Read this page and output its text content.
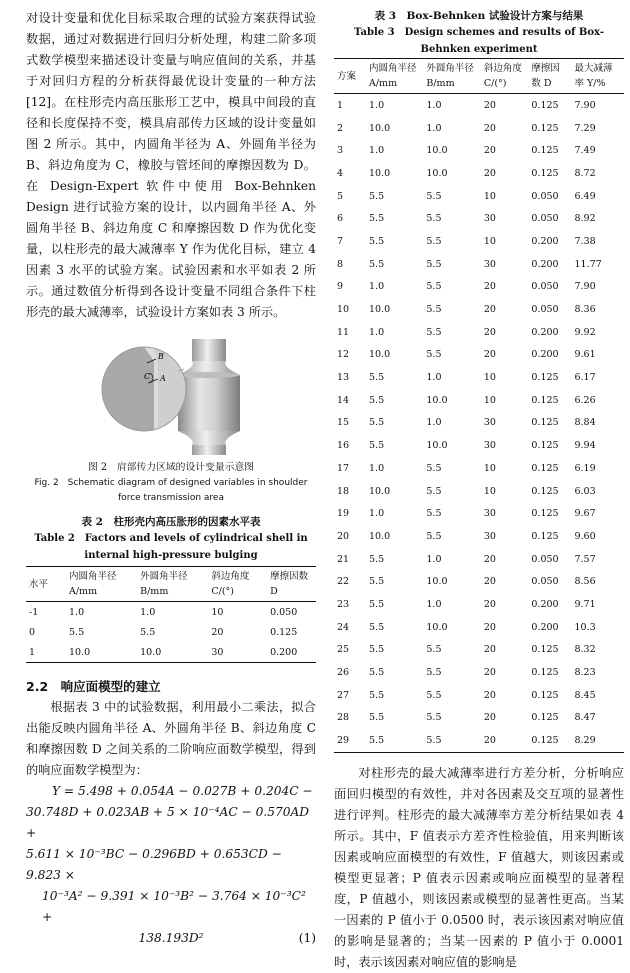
对设计变量和优化目标采取合理的试验方案获得试验数据，通过对数据进行回归分析处理，构建二阶多项式数学模型来描述设计变量与响应值间的关系，并基于对回归方程的分析获得最优设计变量的一种方法[12]。在柱形壳内高压胀形工艺中，模具中间段的直径和长度保持不变，模具肩部传力区域的设计变量如图 2 所示。其中，内圆角半径为 A、外圆角半径为 B、斜边角度为 C，橡胶与管坯间的摩擦因数为 D。在 Design-Expert 软件中使用 Box-Behnken Design 进行试验方案的设计，以内圆角半径 A、外圆角半径 B、斜边角度 C 和摩擦因数 D 作为优化变量，以柱形壳的最大减薄率 Y 作为优化目标，建立 4 因素 3 水平的试验方案。试验因素和水平如表 2 所示。通过数值分析得到各设计变量不同组合条件下柱形壳的最大减薄率，试验设计方案如表 3 所示。

B
A
C

图 2　肩部传力区域的设计变量示意图

Fig. 2　Schematic diagram of designed variables in shoulder force transmission area

表 2　柱形壳内高压胀形的因素水平表

Table 2　Factors and levels of cylindrical shell in internal high-pressure bulging

水平	内圆角半径 A/mm	外圆角半径 B/mm	斜边角度 C/(°)	摩擦因数 D
-1	1.0	1.0	10	0.050
0	5.5	5.5	20	0.125
1	10.0	10.0	30	0.200

2.2　响应面模型的建立

根据表 3 中的试验数据，利用最小二乘法，拟合出能反映内圆角半径 A、外圆角半径 B、斜边角度 C 和摩擦因数 D 之间关系的二阶响应面数学模型，得到的响应面数学模型为：

Y = 5.498 + 0.054A − 0.027B + 0.204C −

30.748D + 0.023AB + 5 × 10⁻⁴AC − 0.570AD +

5.611 × 10⁻³BC − 0.296BD + 0.653CD − 9.823 ×

10⁻³A² − 9.391 × 10⁻³B² − 3.764 × 10⁻³C² +

138.193D²	(1)

表 3　Box-Behnken 试验设计方案与结果

Table 3　Design schemes and results of Box-Behnken experiment

方案	内圆角半径 A/mm	外圆角半径 B/mm	斜边角度 C/(°)	摩擦因数 D	最大减薄率 Y/%
1	1.0	1.0	20	0.125	7.90
2	10.0	1.0	20	0.125	7.29
3	1.0	10.0	20	0.125	7.49
4	10.0	10.0	20	0.125	8.72
5	5.5	5.5	10	0.050	6.49
6	5.5	5.5	30	0.050	8.92
7	5.5	5.5	10	0.200	7.38
8	5.5	5.5	30	0.200	11.77
9	1.0	5.5	20	0.050	7.90
10	10.0	5.5	20	0.050	8.36
11	1.0	5.5	20	0.200	9.92
12	10.0	5.5	20	0.200	9.61
13	5.5	1.0	10	0.125	6.17
14	5.5	10.0	10	0.125	6.26
15	5.5	1.0	30	0.125	8.84
16	5.5	10.0	30	0.125	9.94
17	1.0	5.5	10	0.125	6.19
18	10.0	5.5	10	0.125	6.03
19	1.0	5.5	30	0.125	9.67
20	10.0	5.5	30	0.125	9.60
21	5.5	1.0	20	0.050	7.57
22	5.5	10.0	20	0.050	8.56
23	5.5	1.0	20	0.200	9.71
24	5.5	10.0	20	0.200	10.3
25	5.5	5.5	20	0.125	8.32
26	5.5	5.5	20	0.125	8.23
27	5.5	5.5	20	0.125	8.45
28	5.5	5.5	20	0.125	8.47
29	5.5	5.5	20	0.125	8.29

对柱形壳的最大减薄率进行方差分析，分析响应面回归模型的有效性，并对各因素及交互项的显著性进行评判。柱形壳的最大减薄率方差分析结果如表 4 所示。其中，F 值表示方差齐性检验值，用来判断该因素或响应面模型的有效性，F 值越大，则该因素或模型更显著；P 值表示因素或响应面模型的显著程度，P 值越小，则该因素或模型的显著性更高。当某一因素的 P 值小于 0.0500 时，表示该因素对响应值的影响是显著的；当某一因素的 P 值小于 0.0001 时，表示该因素对响应值的影响是
